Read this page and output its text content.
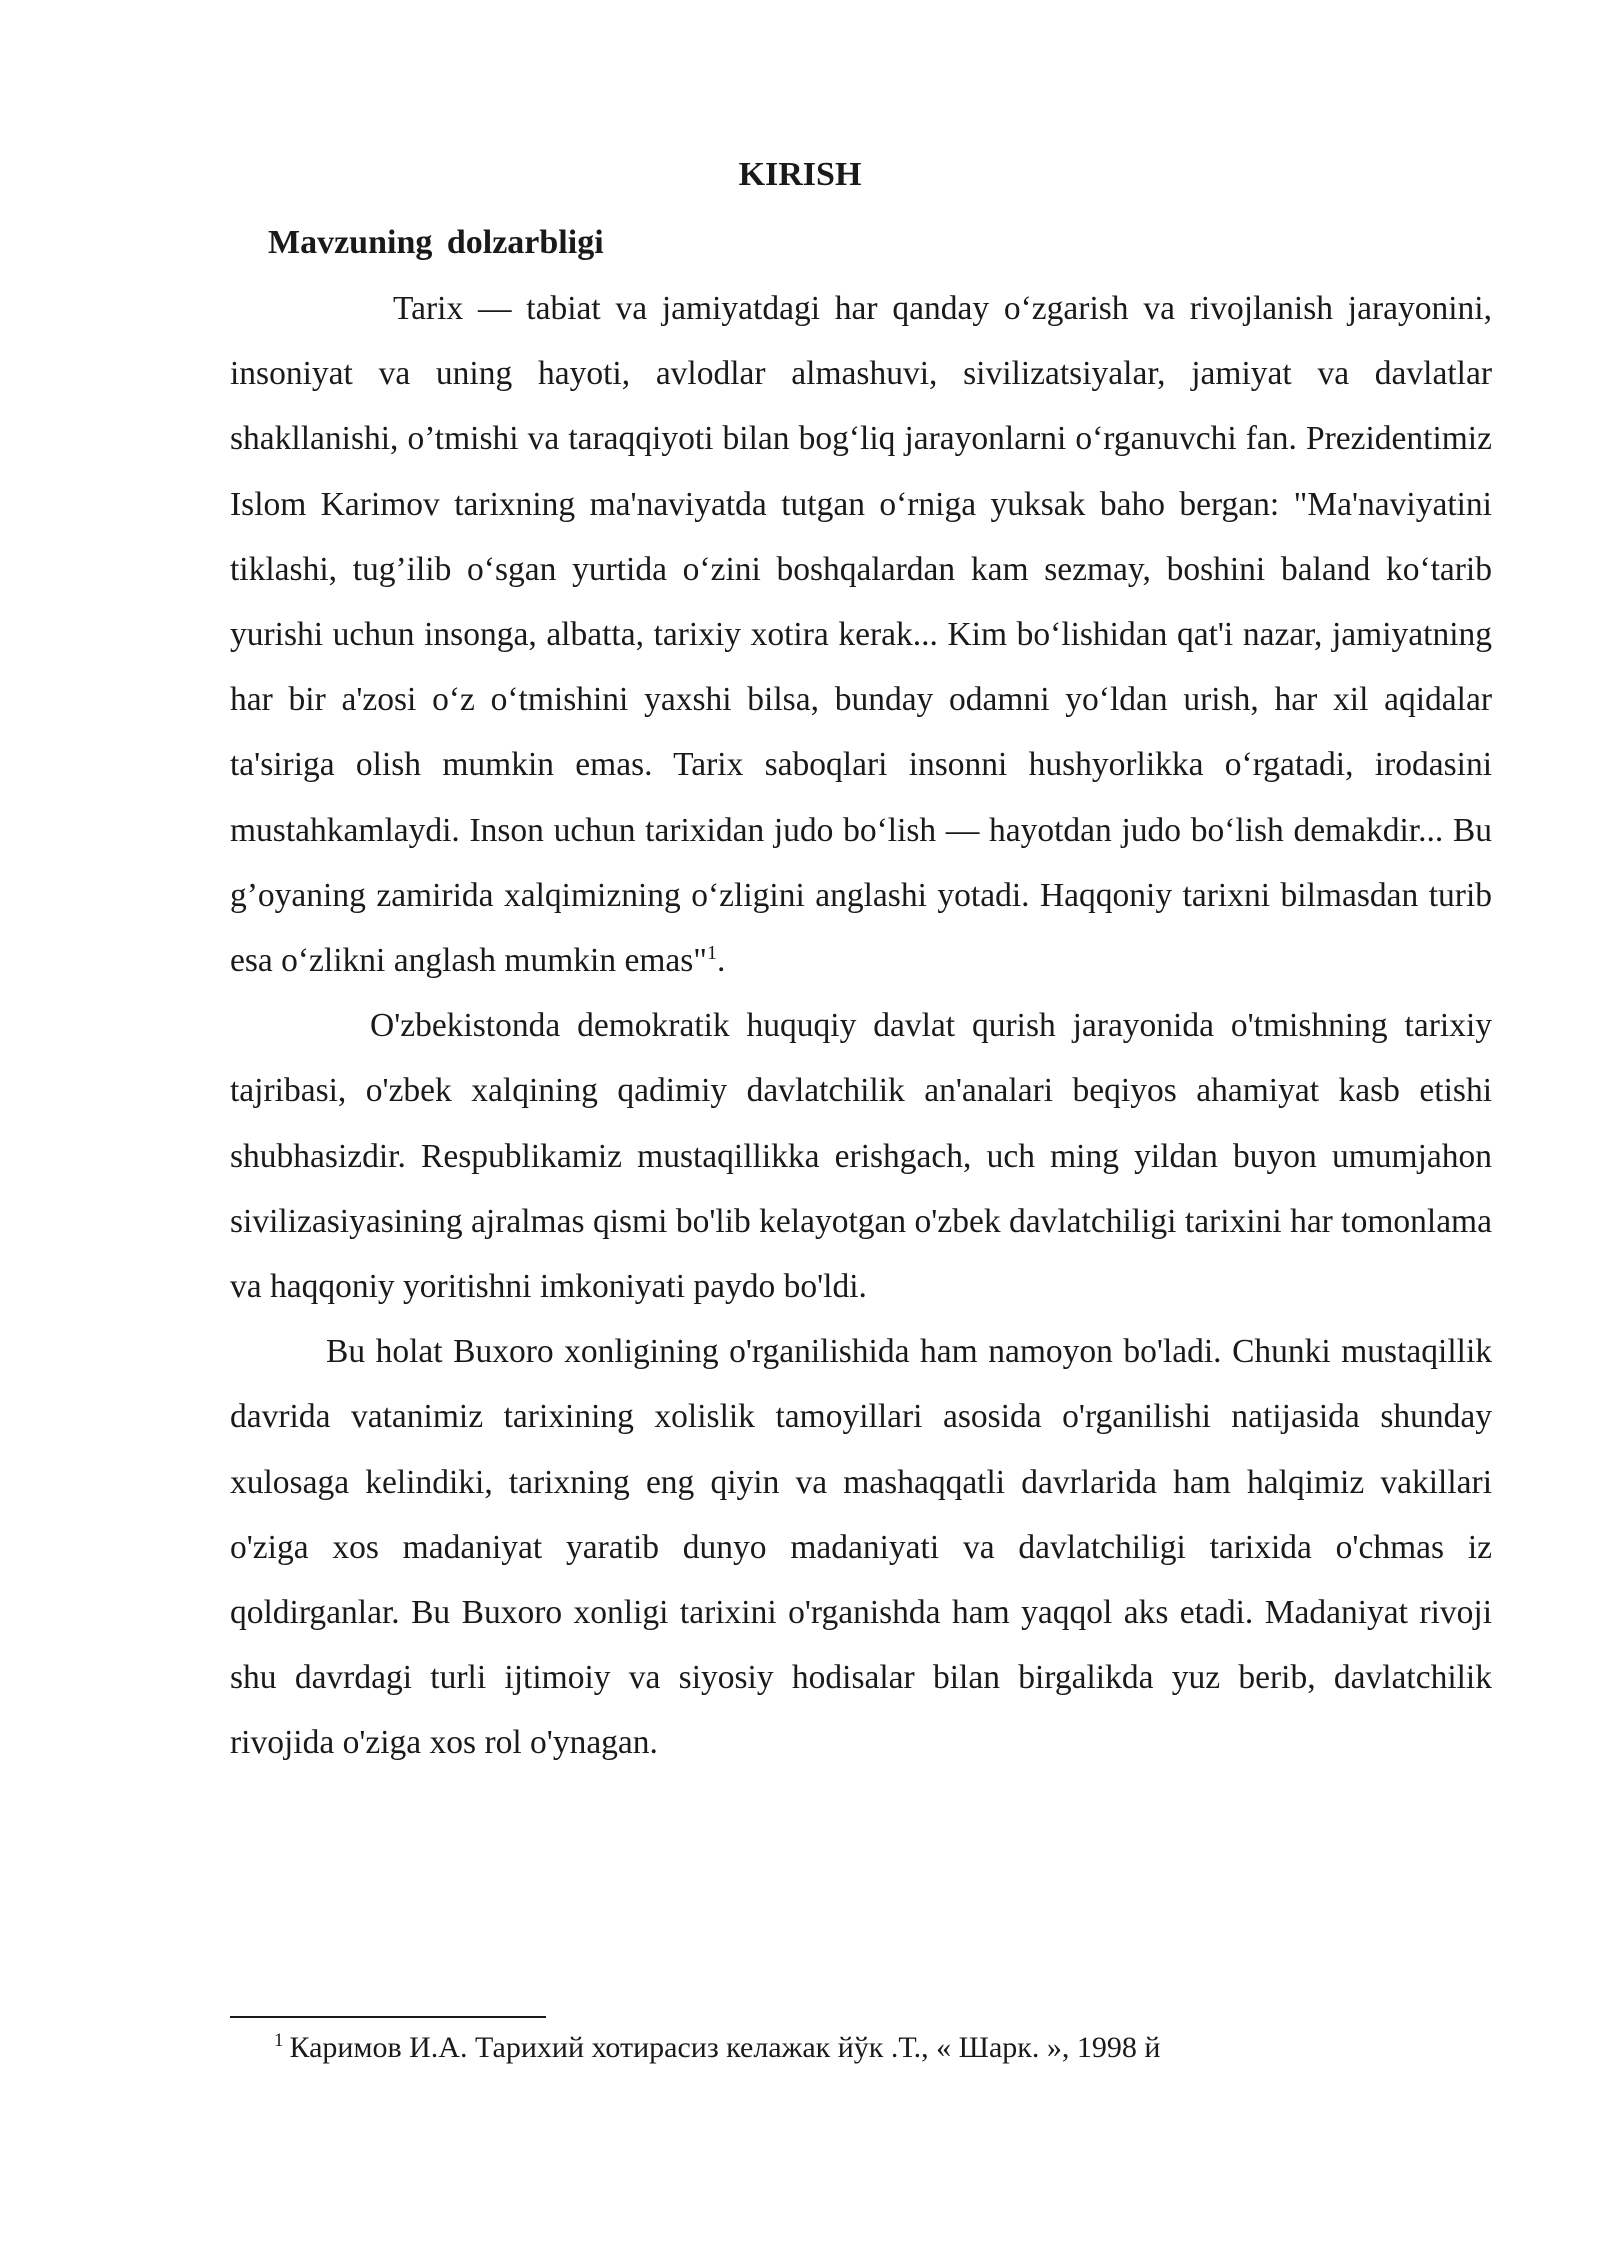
KIRISH
Mavzuning dolzarbligi

Tarix — tabiat va jamiyatdagi har qanday o‘zgarish va rivojlanish jarayonini, insoniyat va uning hayoti, avlodlar almashuvi, sivilizatsiyalar, jamiyat va davlatlar shakllanishi, o’tmishi va taraqqiyoti bilan bog‘liq jarayonlarni o‘rganuvchi fan. Prezidentimiz Islom Karimov tarixning ma'naviyatda tutgan o‘rniga yuksak baho bergan: "Ma'naviyatini tiklashi, tug’ilib o‘sgan yurtida o‘zini boshqalardan kam sezmay, boshini baland ko‘tarib yurishi uchun insonga, albatta, tarixiy xotira kerak... Kim bo‘lishidan qat'i nazar, jamiyatning har bir a'zosi o‘z o‘tmishini yaxshi bilsa, bunday odamni yo‘ldan urish, har xil aqidalar ta'siriga olish mumkin emas. Tarix saboqlari insonni hushyorlikka o‘rgatadi, irodasini mustahkamlaydi. Inson uchun tarixidan judo bo‘lish — hayotdan judo bo‘lish demakdir... Bu g’oyaning zamirida xalqimizning o‘zligini anglashi yotadi. Haqqoniy tarixni bilmasdan turib esa o‘zlikni anglash mumkin emas"$^1$.

O'zbekistonda demokratik huquqiy davlat qurish jarayonida o'tmishning tarixiy tajribasi, o'zbek xalqining qadimiy davlatchilik an'analari beqiyos ahamiyat kasb etishi shubhasizdir. Respublikamiz mustaqillikka erishgach, uch ming yildan buyon umumjahon sivilizasiyasining ajralmas qismi bo'lib kelayotgan o'zbek davlatchiligi tarixini har tomonlama va haqqoniy yoritishni imkoniyati paydo bo'ldi.

Bu holat Buxoro xonligining o'rganilishida ham namoyon bo'ladi. Chunki mustaqillik davrida vatanimiz tarixining xolislik tamoyillari asosida o'rganilishi natijasida shunday xulosaga kelindiki, tarixning eng qiyin va mashaqqatli davrlarida ham halqimiz vakillari o'ziga xos madaniyat yaratib dunyo madaniyati va davlatchiligi tarixida o'chmas iz qoldirganlar. Bu Buxoro xonligi tarixini o'rganishda ham yaqqol aks etadi. Madaniyat rivoji shu davrdagi turli ijtimoiy va siyosiy hodisalar bilan birgalikda yuz berib, davlatchilik rivojida o'ziga xos rol o'ynagan.

$^1$ Каримов И.А. Тарихий хотирасиз келажак йўк .Т., « Шарк. », 1998 й
